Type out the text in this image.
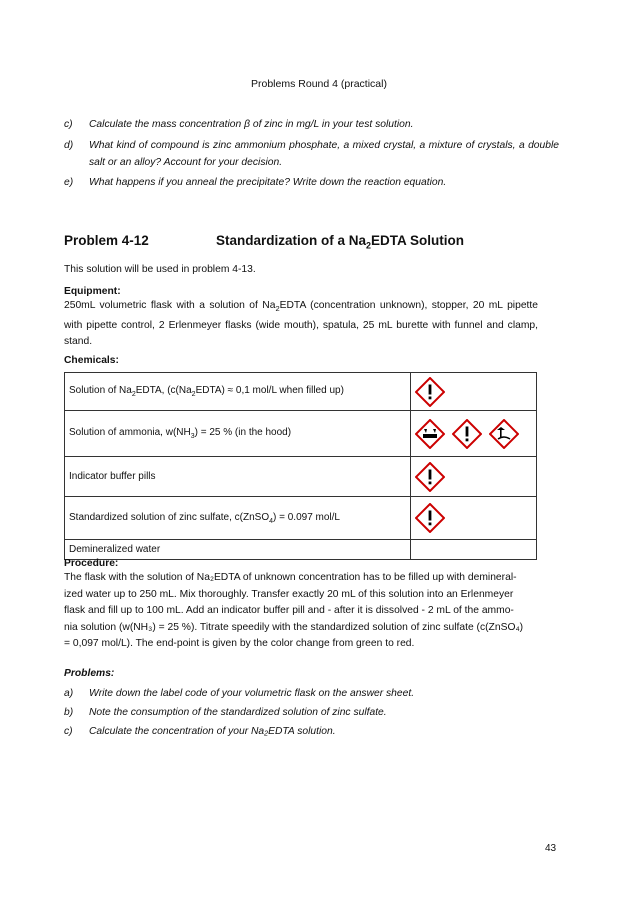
Problems Round 4 (practical)
c) Calculate the mass concentration β of zinc in mg/L in your test solution.
d) What kind of compound is zinc ammonium phosphate, a mixed crystal, a mixture of crystals, a double salt or an alloy? Account for your decision.
e) What happens if you anneal the precipitate? Write down the reaction equation.
Problem 4-12	Standardization of a $Na_2EDTA$ Solution
This solution will be used in problem 4-13.
Equipment:
250mL volumetric flask with a solution of $Na_2EDTA$ (concentration unknown), stopper, 20 mL pipette with pipette control, 2 Erlenmeyer flasks (wide mouth), spatula, 25 mL burette with funnel and clamp, stand.
Chemicals:
Solution of $Na_2EDTA$, ($c(Na_2EDTA) \approx 0,1$ mol/L when filled up)	
Solution of ammonia, $w(NH_3) = 25$ % (in the hood)	
Indicator buffer pills	
Standardized solution of zinc sulfate, c(ZnSO$_4$) = 0.097 mol/L	
Demineralized water	
Procedure:
The flask with the solution of Na₂EDTA of unknown concentration has to be filled up with demineral-
ized water up to 250 mL. Mix thoroughly. Transfer exactly 20 mL of this solution into an Erlenmeyer
flask and fill up to 100 mL. Add an indicator buffer pill and - after it is dissolved - 2 mL of the ammo-
nia solution (w(NH₃) = 25 %). Titrate speedily with the standardized solution of zinc sulfate (c(ZnSO₄)
= 0,097 mol/L). The end-point is given by the color change from green to red.
Problems:
a) Write down the label code of your volumetric flask on the answer sheet.
b) Note the consumption of the standardized solution of zinc sulfate.
c) Calculate the concentration of your Na₂EDTA solution.
43
